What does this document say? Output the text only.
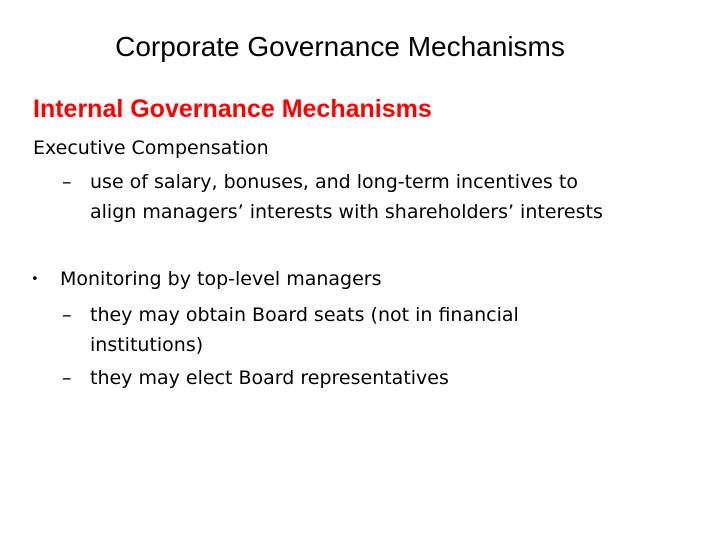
Corporate Governance Mechanisms
Internal Governance Mechanisms
Executive Compensation
– use of salary, bonuses, and long-term incentives to
align managers’ interests with shareholders’ interests
• Monitoring by top-level managers
– they may obtain Board seats (not in financial
institutions)
– they may elect Board representatives
